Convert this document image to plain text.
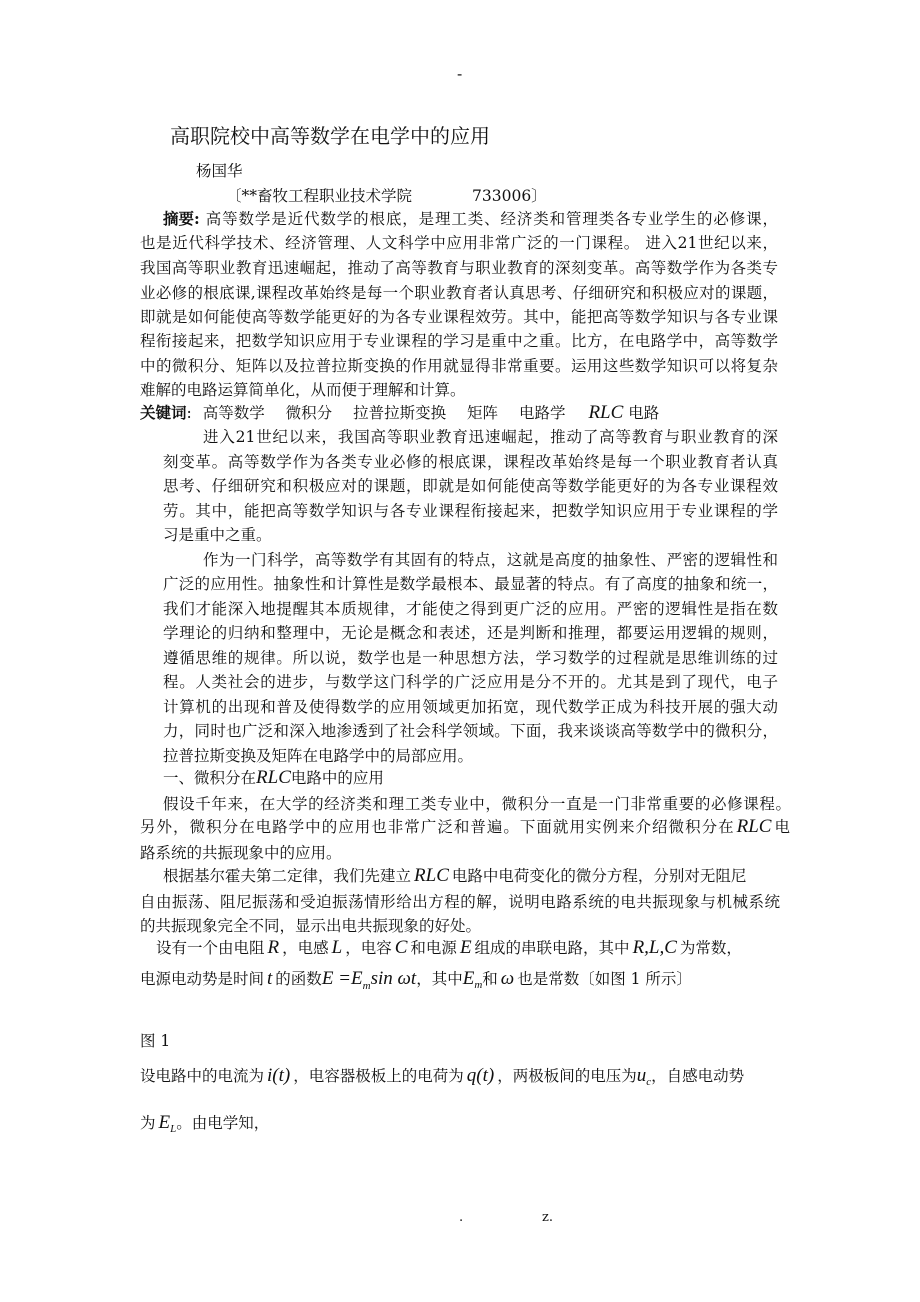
-
高职院校中高等数学在电学中的应用
杨国华
〔**畜牧工程职业技术学院	733006〕
摘要 : 高等数学是近代数学的根底，是理工类、经济类和管理类各专业学生的必修课，
也是近代科学技术、经济管理、人文科学中应用非常广泛的一门课程。 进入21世纪以来，
我国高等职业教育迅速崛起，推动了高等教育与职业教育的深刻变革。高等数学作为各类专
业必修的根底课,课程改革始终是每一个职业教育者认真思考、仔细研究和积极应对的课题，
即就是如何能使高等数学能更好的为各专业课程效劳。其中，能把高等数学知识与各专业课
程衔接起来，把数学知识应用于专业课程的学习是重中之重。比方，在电路学中，高等数学
中的微积分、矩阵以及拉普拉斯变换的作用就显得非常重要。运用这些数学知识可以将复杂
难解的电路运算简单化，从而便于理解和计算。
关键词: 高等数学 微积分 拉普拉斯变换 矩阵 电路学 RLC 电路
进入21世纪以来，我国高等职业教育迅速崛起，推动了高等教育与职业教育的深
刻变革。高等数学作为各类专业必修的根底课，课程改革始终是每一个职业教育者认真
思考、仔细研究和积极应对的课题，即就是如何能使高等数学能更好的为各专业课程效
劳。其中，能把高等数学知识与各专业课程衔接起来，把数学知识应用于专业课程的学
习是重中之重。
作为一门科学，高等数学有其固有的特点，这就是高度的抽象性、严密的逻辑性和
广泛的应用性。抽象性和计算性是数学最根本、最显著的特点。有了高度的抽象和统一，
我们才能深入地提醒其本质规律，才能使之得到更广泛的应用。严密的逻辑性是指在数
学理论的归纳和整理中，无论是概念和表述，还是判断和推理，都要运用逻辑的规则，
遵循思维的规律。所以说，数学也是一种思想方法，学习数学的过程就是思维训练的过
程。人类社会的进步，与数学这门科学的广泛应用是分不开的。尤其是到了现代，电子
计算机的出现和普及使得数学的应用领域更加拓宽，现代数学正成为科技开展的强大动
力，同时也广泛和深入地渗透到了社会科学领域。下面，我来谈谈高等数学中的微积分，
拉普拉斯变换及矩阵在电路学中的局部应用。
一、微积分在RLC电路中的应用
假设千年来，在大学的经济类和理工类专业中，微积分一直是一门非常重要的必修课程。
另外，微积分在电路学中的应用也非常广泛和普遍。下面就用实例来介绍微积分在 RLC 电
路系统的共振现象中的应用。
根据基尔霍夫第二定律，我们先建立 RLC 电路中电荷变化的微分方程，分别对无阻尼
自由振荡、阻尼振荡和受迫振荡情形给出方程的解，说明电路系统的电共振现象与机械系统
的共振现象完全不同，显示出电共振现象的好处。
设有一个由电阻 R ，电感 L ，电容 C 和电源 E 组成的串联电路，其中 R,L,C 为常数，
电源电动势是时间 t 的函数$E =E_m\sin$ ωt，其中$E_m$和 ω 也是常数〔如图 1 所示〕
图 1
设电路中的电流为 i(t) ，电容器极板上的电荷为 q(t) ，两极板间的电压为$u_c$，自感电动势
为 $E_L$。由电学知，
.	z.
